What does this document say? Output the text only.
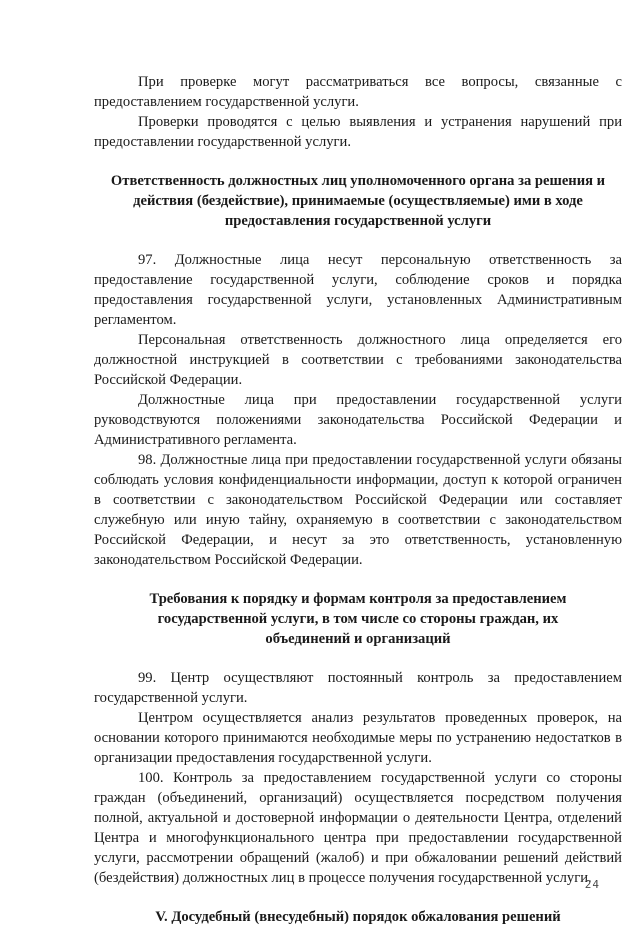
При проверке могут рассматриваться все вопросы, связанные с предоставлением государственной услуги.

Проверки проводятся с целью выявления и устранения нарушений при предоставлении государственной услуги.

Ответственность должностных лиц уполномоченного органа за решения и действия (бездействие), принимаемые (осуществляемые) ими в ходе предоставления государственной услуги

97. Должностные лица несут персональную ответственность за предоставление государственной услуги, соблюдение сроков и порядка предоставления государственной услуги, установленных Административным регламентом.

Персональная ответственность должностного лица определяется его должностной инструкцией в соответствии с требованиями законодательства Российской Федерации.

Должностные лица при предоставлении государственной услуги руководствуются положениями законодательства Российской Федерации и Административного регламента.

98. Должностные лица при предоставлении государственной услуги обязаны соблюдать условия конфиденциальности информации, доступ к которой ограничен в соответствии с законодательством Российской Федерации или составляет служебную или иную тайну, охраняемую в соответствии с законодательством Российской Федерации, и несут за это ответственность, установленную законодательством Российской Федерации.

Требования к порядку и формам контроля за предоставлением государственной услуги, в том числе со стороны граждан, их объединений и организаций

99. Центр осуществляют постоянный контроль за предоставлением государственной услуги.

Центром осуществляется анализ результатов проведенных проверок, на основании которого принимаются необходимые меры по устранению недостатков в организации предоставления государственной услуги.

100. Контроль за предоставлением государственной услуги со стороны граждан (объединений, организаций) осуществляется посредством получения полной, актуальной и достоверной информации о деятельности Центра, отделений Центра и многофункционального центра при предоставлении государственной услуги, рассмотрении обращений (жалоб) и при обжаловании решений действий (бездействия) должностных лиц в процессе получения государственной услуги.

V. Досудебный (внесудебный) порядок обжалования решений

24
